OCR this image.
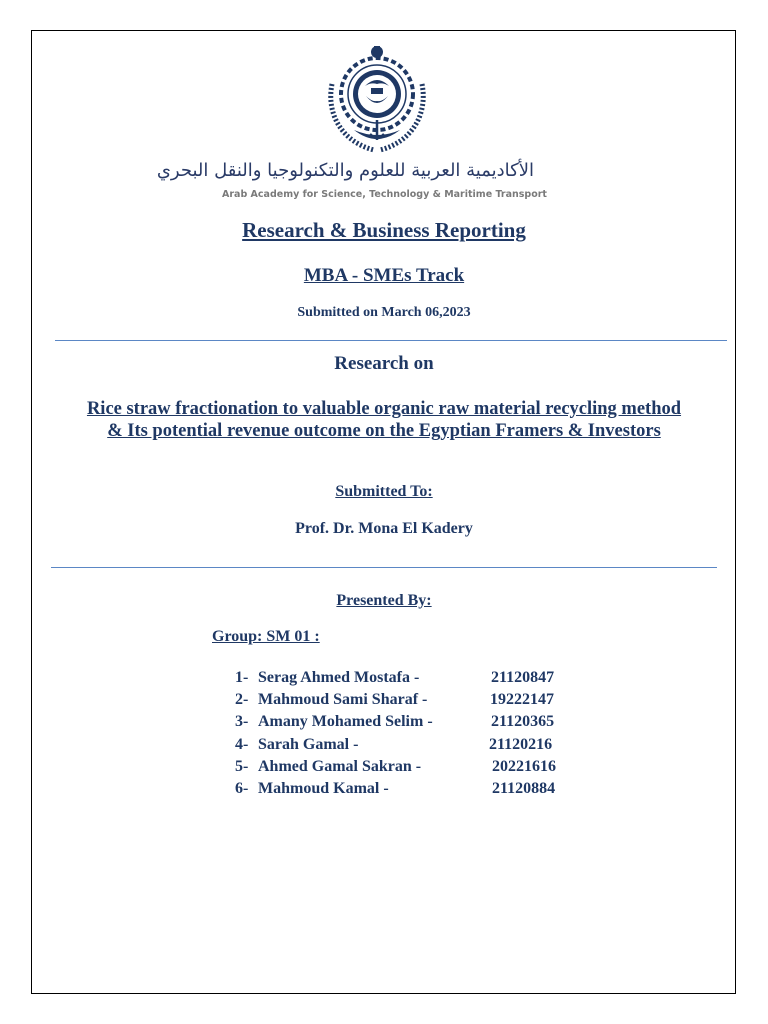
الأكاديمية العربية للعلوم والتكنولوجيا والنقل البحري
Arab Academy for Science, Technology & Maritime Transport
Research & Business Reporting
MBA - SMEs Track
Submitted on March 06,2023
Research on
Rice straw fractionation to valuable organic raw material recycling method
& Its potential revenue outcome on the Egyptian Framers & Investors
Submitted To:
Prof. Dr. Mona El Kadery
Presented By:
Group: SM 01 :
1- Serag Ahmed Mostafa -	21120847
2- Mahmoud Sami Sharaf -	19222147
3- Amany Mohamed Selim -	21120365
4- Sarah Gamal -	21120216
5- Ahmed Gamal Sakran -	20221616
6- Mahmoud Kamal -	21120884
